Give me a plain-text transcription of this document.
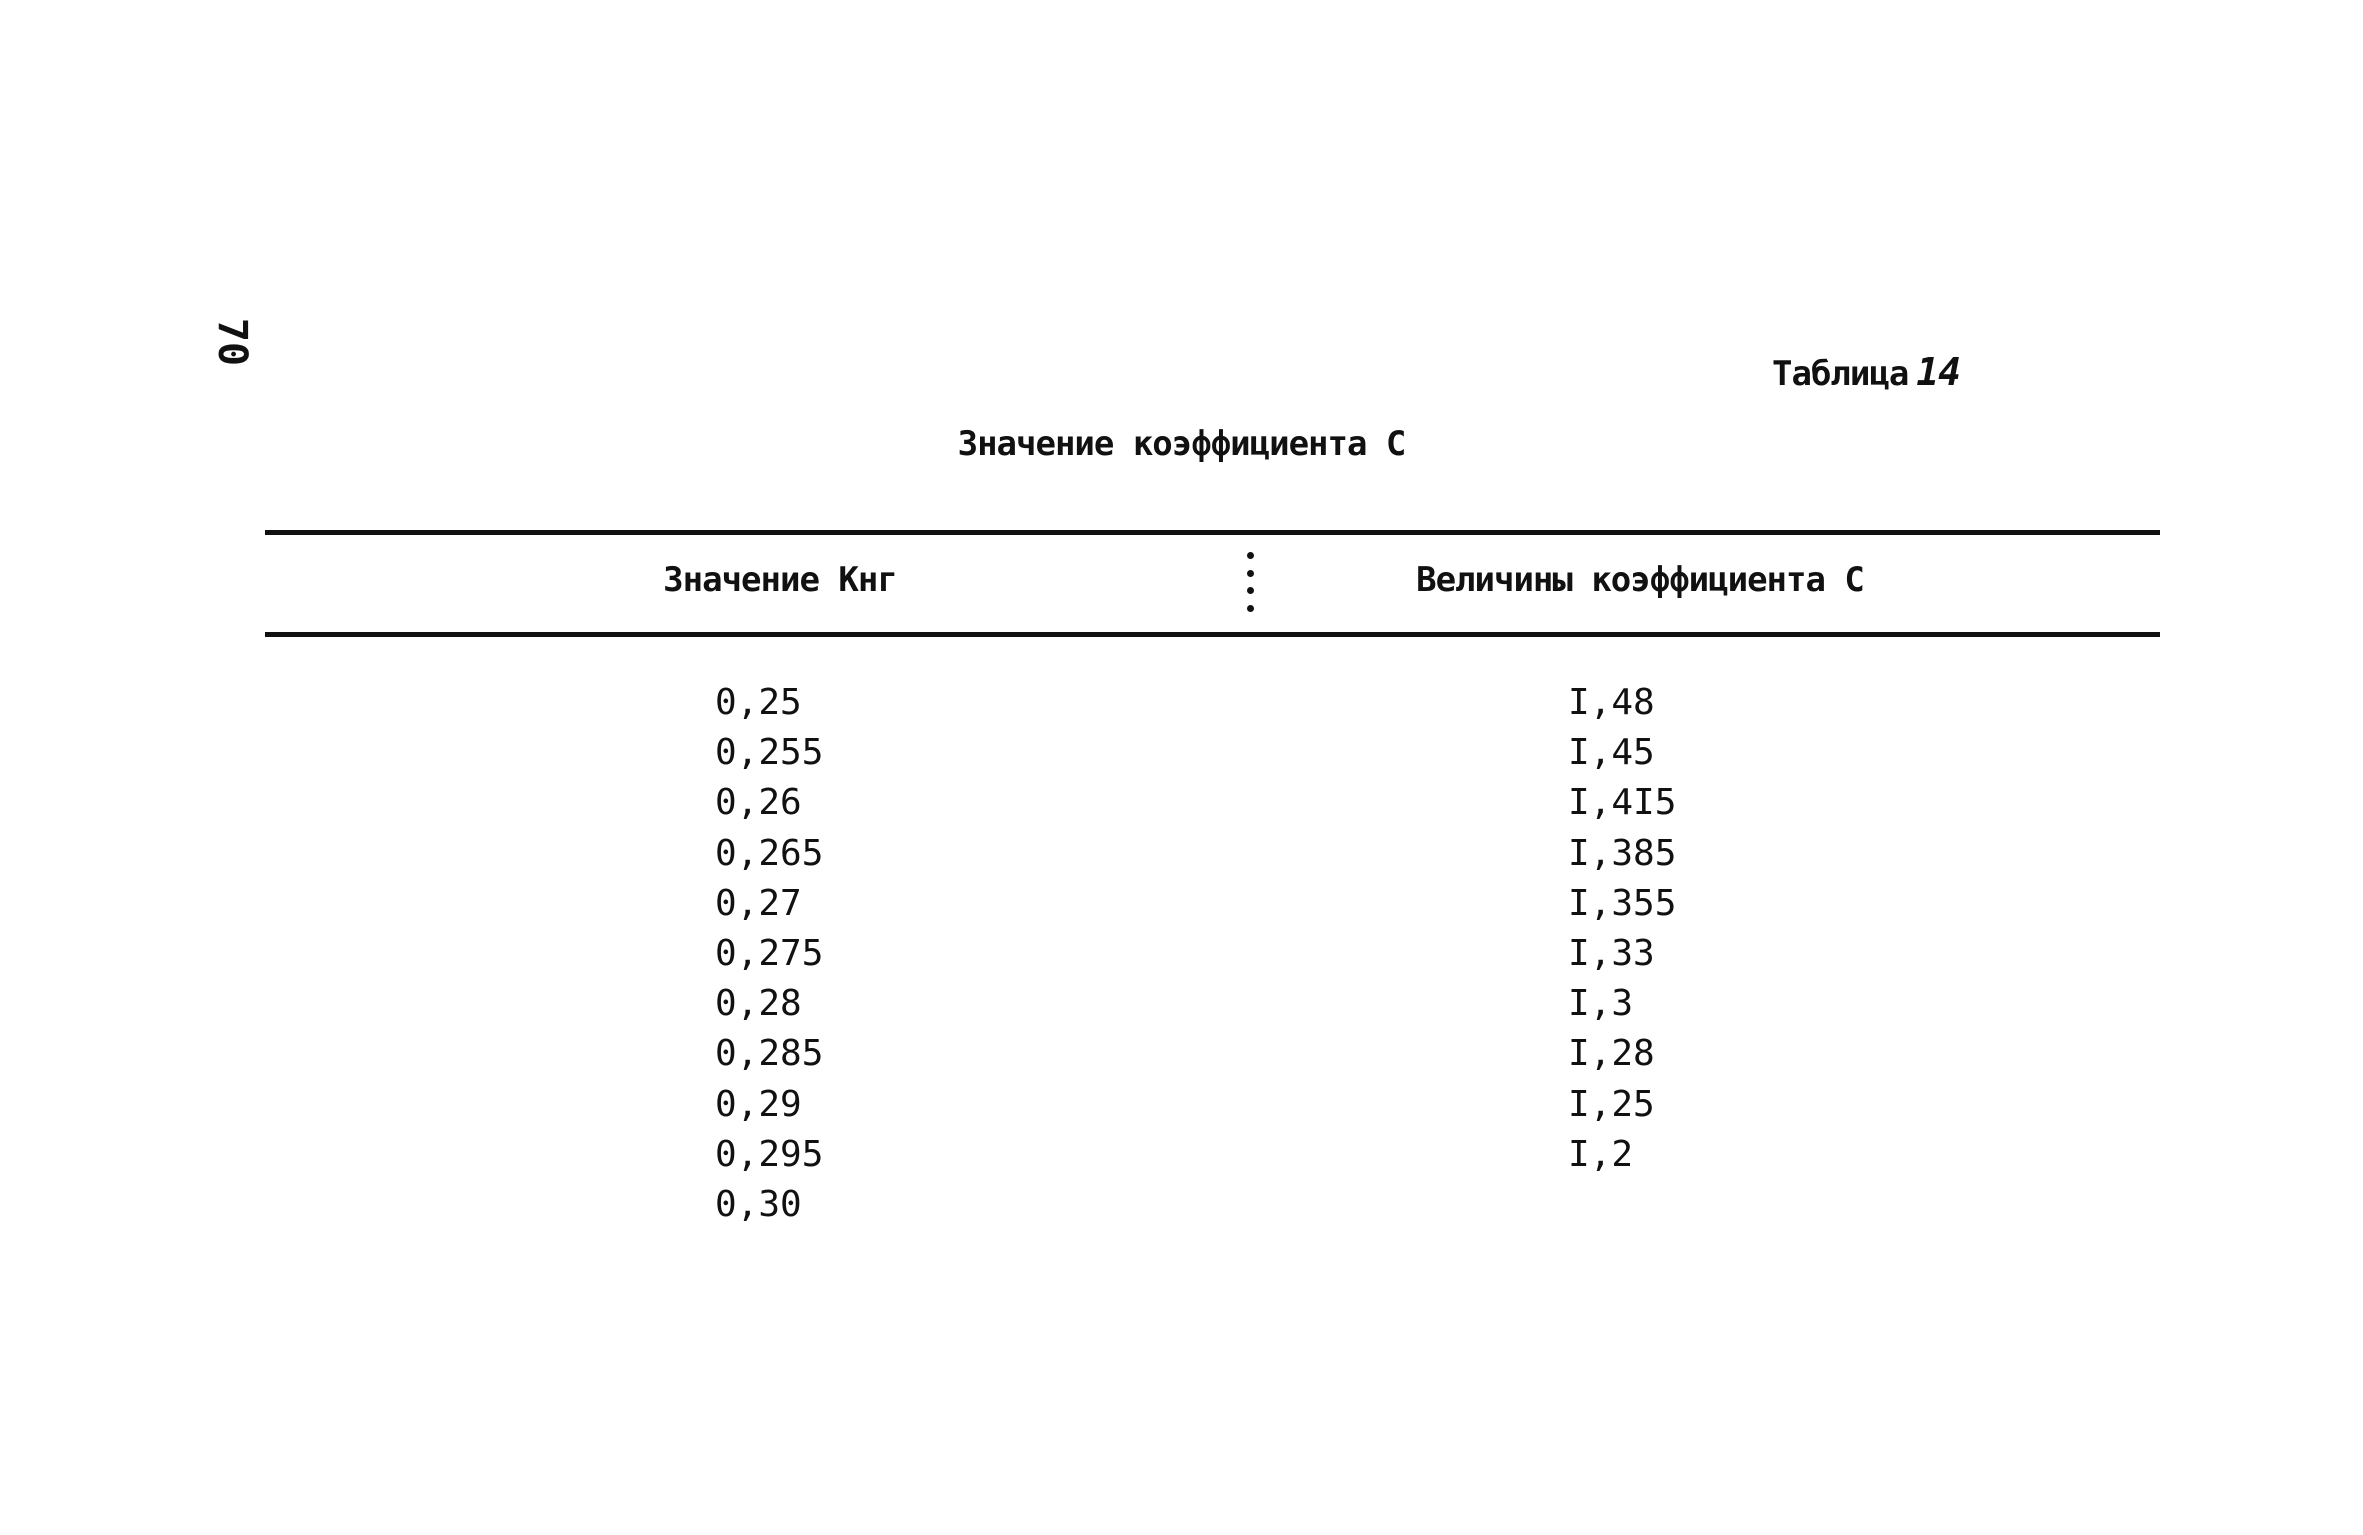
70
Таблица 14
Значение коэффициента С
Значение Кнг	Величины коэффициента С
0,25
0,255
0,26
0,265
0,27
0,275
0,28
0,285
0,29
0,295
0,30
I,48
I,45
I,4I5
I,385
I,355
I,33
I,3
I,28
I,25
I,2
